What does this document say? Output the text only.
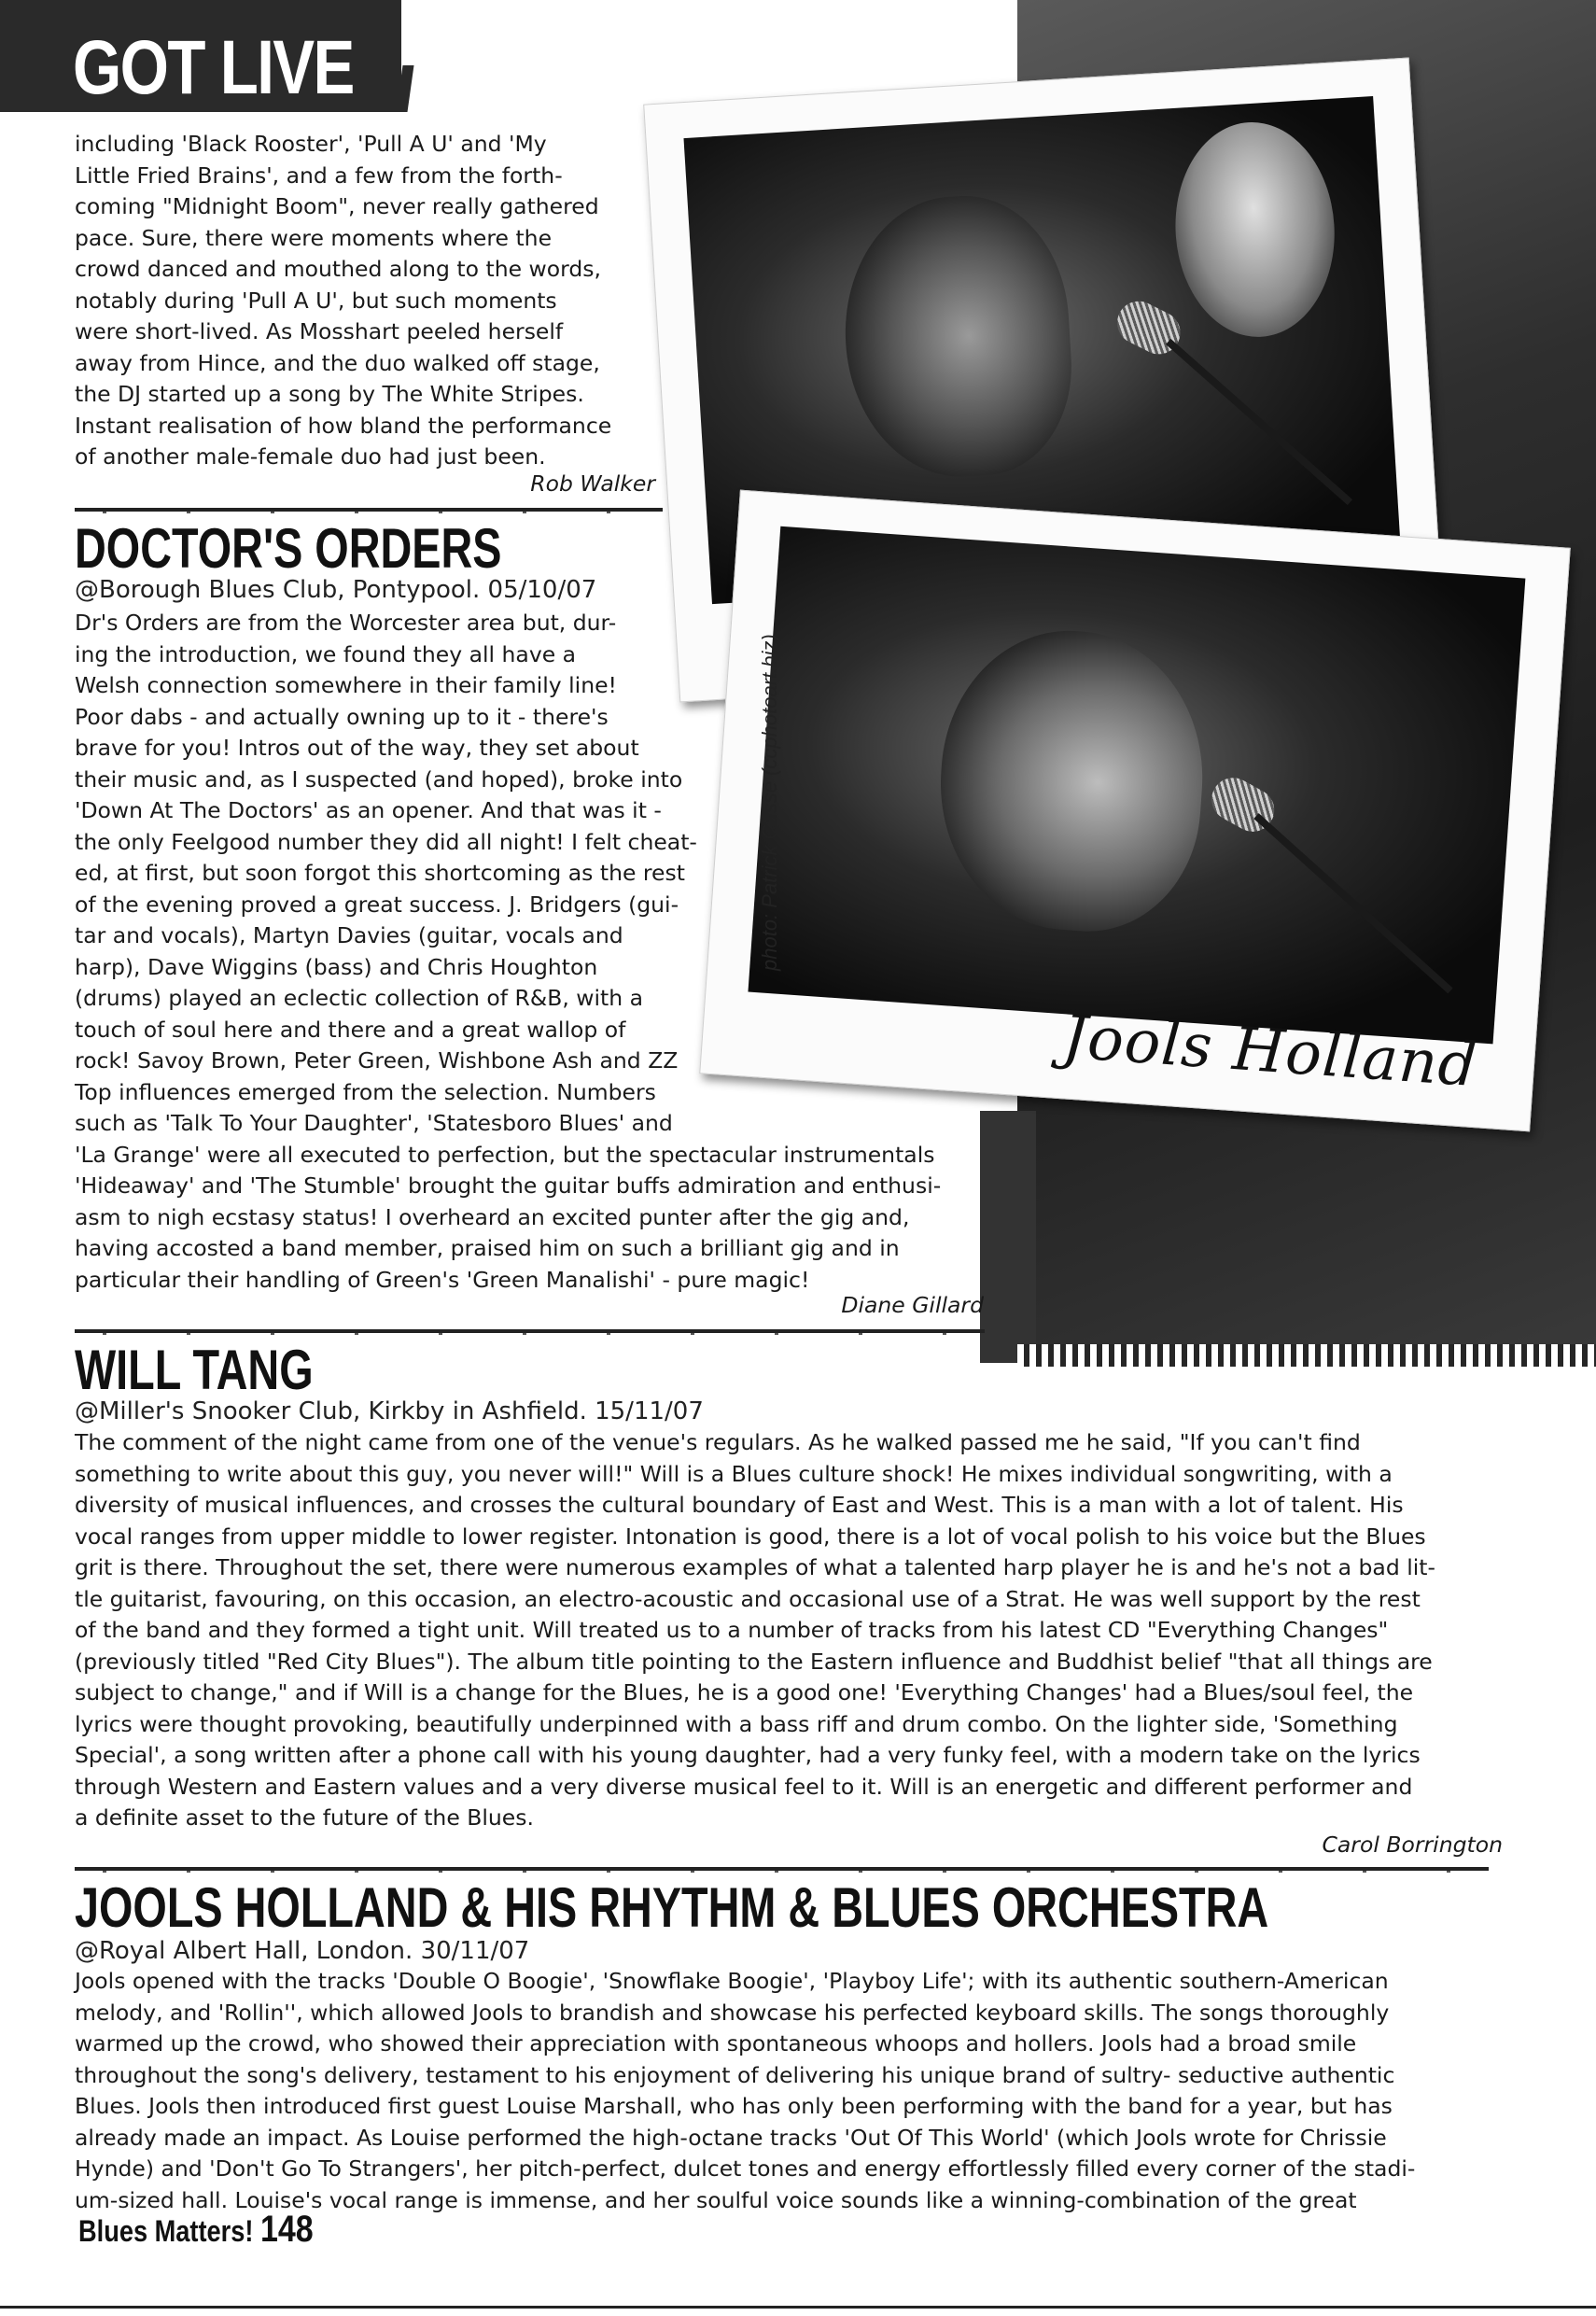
GOT LIVE
Jools Holland
photo: Patrick Cusse (ccphotoart.biz)
including 'Black Rooster', 'Pull A U' and 'My
Little Fried Brains', and a few from the forth-
coming "Midnight Boom", never really gathered
pace. Sure, there were moments where the
crowd danced and mouthed along to the words,
notably during 'Pull A U', but such moments
were short-lived. As Mosshart peeled herself
away from Hince, and the duo walked off stage,
the DJ started up a song by The White Stripes.
Instant realisation of how bland the performance
of another male-female duo had just been.
Rob Walker
DOCTOR'S ORDERS
@Borough Blues Club, Pontypool. 05/10/07
Dr's Orders are from the Worcester area but, dur-
ing the introduction, we found they all have a
Welsh connection somewhere in their family line!
Poor dabs - and actually owning up to it - there's
brave for you! Intros out of the way, they set about
their music and, as I suspected (and hoped), broke into
'Down At The Doctors' as an opener. And that was it -
the only Feelgood number they did all night! I felt cheat-
ed, at first, but soon forgot this shortcoming as the rest
of the evening proved a great success. J. Bridgers (gui-
tar and vocals), Martyn Davies (guitar, vocals and
harp), Dave Wiggins (bass) and Chris Houghton
(drums) played an eclectic collection of R&B, with a
touch of soul here and there and a great wallop of
rock! Savoy Brown, Peter Green, Wishbone Ash and ZZ
Top influences emerged from the selection. Numbers
such as 'Talk To Your Daughter', 'Statesboro Blues' and
'La Grange' were all executed to perfection, but the spectacular instrumentals
'Hideaway' and 'The Stumble' brought the guitar buffs admiration and enthusi-
asm to nigh ecstasy status! I overheard an excited punter after the gig and,
having accosted a band member, praised him on such a brilliant gig and in
particular their handling of Green's 'Green Manalishi' - pure magic!
Diane Gillard
WILL TANG
@Miller's Snooker Club, Kirkby in Ashfield. 15/11/07
The comment of the night came from one of the venue's regulars. As he walked passed me he said, "If you can't find
something to write about this guy, you never will!" Will is a Blues culture shock! He mixes individual songwriting, with a
diversity of musical influences, and crosses the cultural boundary of East and West. This is a man with a lot of talent. His
vocal ranges from upper middle to lower register. Intonation is good, there is a lot of vocal polish to his voice but the Blues
grit is there. Throughout the set, there were numerous examples of what a talented harp player he is and he's not a bad lit-
tle guitarist, favouring, on this occasion, an electro-acoustic and occasional use of a Strat. He was well support by the rest
of the band and they formed a tight unit. Will treated us to a number of tracks from his latest CD "Everything Changes"
(previously titled "Red City Blues"). The album title pointing to the Eastern influence and Buddhist belief "that all things are
subject to change," and if Will is a change for the Blues, he is a good one! 'Everything Changes' had a Blues/soul feel, the
lyrics were thought provoking, beautifully underpinned with a bass riff and drum combo. On the lighter side, 'Something
Special', a song written after a phone call with his young daughter, had a very funky feel, with a modern take on the lyrics
through Western and Eastern values and a very diverse musical feel to it. Will is an energetic and different performer and
a definite asset to the future of the Blues.
Carol Borrington
JOOLS HOLLAND & HIS RHYTHM & BLUES ORCHESTRA
@Royal Albert Hall, London. 30/11/07
Jools opened with the tracks 'Double O Boogie', 'Snowflake Boogie', 'Playboy Life'; with its authentic southern-American
melody, and 'Rollin'', which allowed Jools to brandish and showcase his perfected keyboard skills. The songs thoroughly
warmed up the crowd, who showed their appreciation with spontaneous whoops and hollers. Jools had a broad smile
throughout the song's delivery, testament to his enjoyment of delivering his unique brand of sultry- seductive authentic
Blues. Jools then introduced first guest Louise Marshall, who has only been performing with the band for a year, but has
already made an impact. As Louise performed the high-octane tracks 'Out Of This World' (which Jools wrote for Chrissie
Hynde) and 'Don't Go To Strangers', her pitch-perfect, dulcet tones and energy effortlessly filled every corner of the stadi-
um-sized hall. Louise's vocal range is immense, and her soulful voice sounds like a winning-combination of the great
Blues Matters! 148
